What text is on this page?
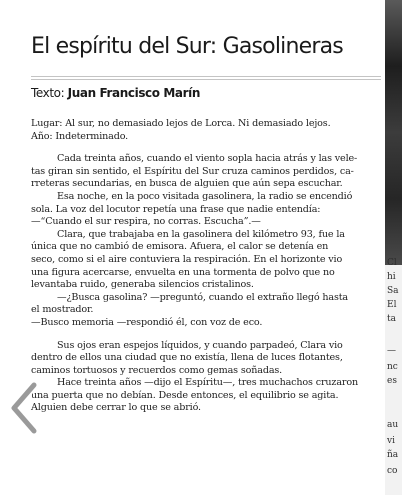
El espíritu del Sur: Gasolineras
Texto: Juan Francisco Marín

Lugar: Al sur, no demasiado lejos de Lorca. Ni demasiado lejos.

Año: Indeterminado.

Cada treinta años, cuando el viento sopla hacia atrás y las vele-

tas giran sin sentido, el Espíritu del Sur cruza caminos perdidos, ca-

rreteras secundarias, en busca de alguien que aún sepa escuchar.

Esa noche, en la poco visitada gasolinera, la radio se encendió

sola. La voz del locutor repetía una frase que nadie entendía:

—“Cuando el sur respira, no corras. Escucha”.—

Clara, que trabajaba en la gasolinera del kilómetro 93, fue la

única que no cambió de emisora. Afuera, el calor se detenía en

seco, como si el aire contuviera la respiración. En el horizonte vio

una figura acercarse, envuelta en una tormenta de polvo que no

levantaba ruido, generaba silencios cristalinos.

—¿Busca gasolina? —preguntó, cuando el extraño llegó hasta

el mostrador.

—Busco memoria —respondió él, con voz de eco.

Sus ojos eran espejos líquidos, y cuando parpadeó, Clara vio

dentro de ellos una ciudad que no existía, llena de luces flotantes,

caminos tortuosos y recuerdos como gemas soñadas.

Hace treinta años —dijo el Espíritu—, tres muchachos cruzaron

una puerta que no debían. Desde entonces, el equilibrio se agita.

Alguien debe cerrar lo que se abrió.

Cl
hi
Sa
El
ta
—
nc
es
au
vi
ña
co
